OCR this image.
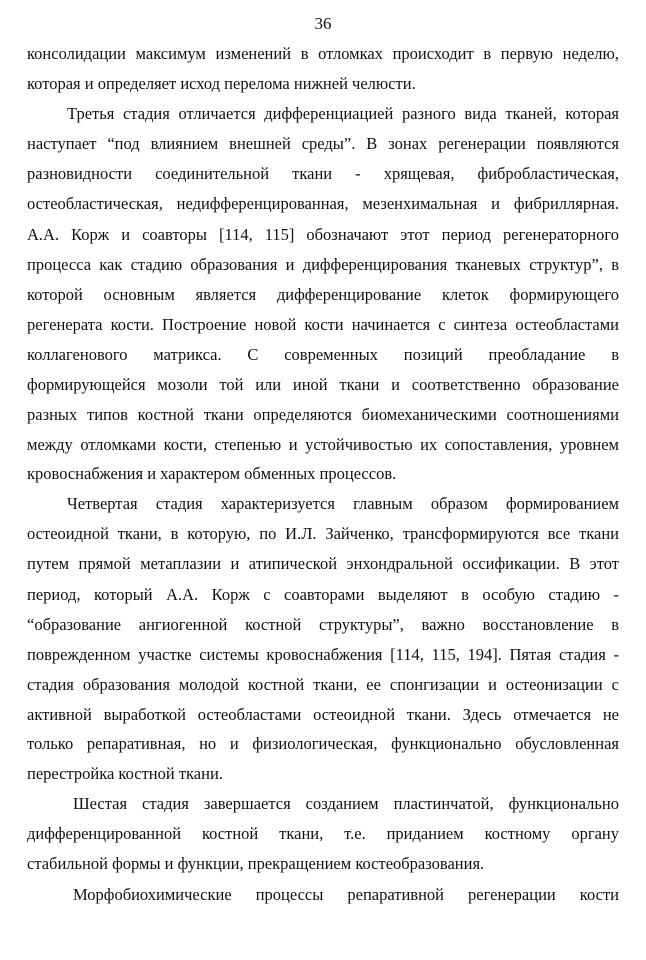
36
консолидации максимум изменений в отломках происходит в первую неделю,
которая и определяет исход перелома нижней челюсти.
Третья стадия отличается дифференциацией разного вида тканей, которая
наступает “под влиянием внешней среды”. В зонах регенерации появляются
разновидности соединительной ткани - хрящевая, фибробластическая,
остеобластическая, недифференцированная, мезенхимальная и фибриллярная.
А.А. Корж и соавторы [114, 115] обозначают этот период регенераторного
процесса как стадию образования и дифференцирования тканевых структур”, в
которой основным является дифференцирование клеток формирующего
регенерата кости. Построение новой кости начинается с синтеза остеобластами
коллагенового матрикса. С современных позиций преобладание в
формирующейся мозоли той или иной ткани и соответственно образование
разных типов костной ткани определяются биомеханическими соотношениями
между отломками кости, степенью и устойчивостью их сопоставления, уровнем
кровоснабжения и характером обменных процессов.
Четвертая стадия характеризуется главным образом формированием
остеоидной ткани, в которую, по И.Л. Зайченко, трансформируются все ткани
путем прямой метаплазии и атипической энхондральной оссификации. В этот
период, который А.А. Корж с соавторами выделяют в особую стадию -
“образование ангиогенной костной структуры”, важно восстановление в
поврежденном участке системы кровоснабжения [114, 115, 194]. Пятая стадия -
стадия образования молодой костной ткани, ее спонгизации и остеонизации с
активной выработкой остеобластами остеоидной ткани. Здесь отмечается не
только репаративная, но и физиологическая, функционально обусловленная
перестройка костной ткани.
Шестая стадия завершается созданием пластинчатой, функционально
дифференцированной костной ткани, т.е. приданием костному органу
стабильной формы и функции, прекращением костеобразования.
Морфобиохимические процессы репаративной регенерации кости
